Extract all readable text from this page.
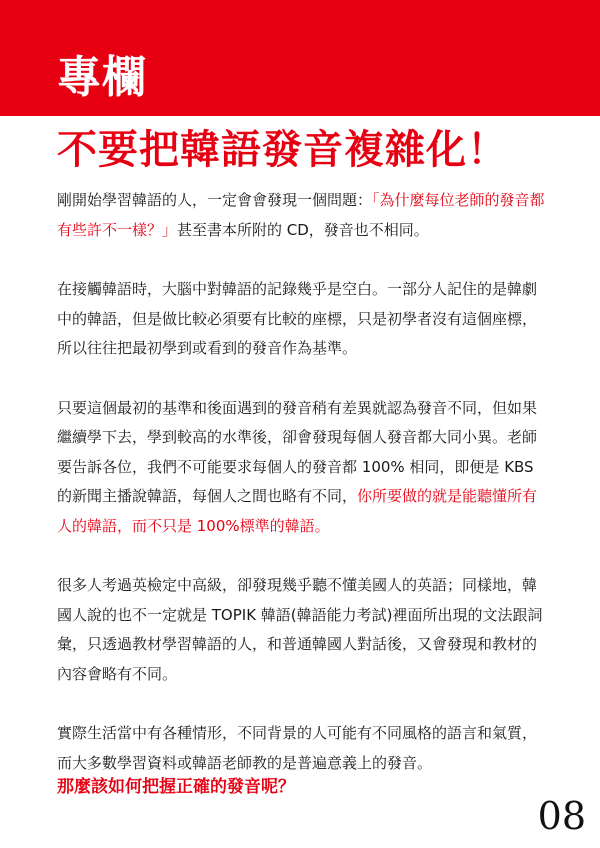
專欄
不要把韓語發音複雜化！

剛開始學習韓語的人，一定會會發現一個問題：「為什麼每位老師的發音都有些許不一樣？」甚至書本所附的 CD，發音也不相同。

在接觸韓語時，大腦中對韓語的記錄幾乎是空白。一部分人記住的是韓劇中的韓語，但是做比較必須要有比較的座標，只是初學者沒有這個座標，所以往往把最初學到或看到的發音作為基準。

只要這個最初的基準和後面遇到的發音稍有差異就認為發音不同，但如果繼續學下去，學到較高的水準後，卻會發現每個人發音都大同小異。老師要告訴各位，我們不可能要求每個人的發音都 100% 相同，即便是 KBS 的新聞主播說韓語，每個人之間也略有不同，你所要做的就是能聽懂所有人的韓語，而不只是 100%標準的韓語。

很多人考過英檢定中高級，卻發現幾乎聽不懂美國人的英語；同樣地，韓國人說的也不一定就是 TOPIK 韓語(韓語能力考試)裡面所出現的文法跟詞彙，只透過教材學習韓語的人，和普通韓國人對話後，又會發現和教材的內容會略有不同。

實際生活當中有各種情形，不同背景的人可能有不同風格的語言和氣質，而大多數學習資料或韓語老師教的是普遍意義上的發音。

那麼該如何把握正確的發音呢？
08
